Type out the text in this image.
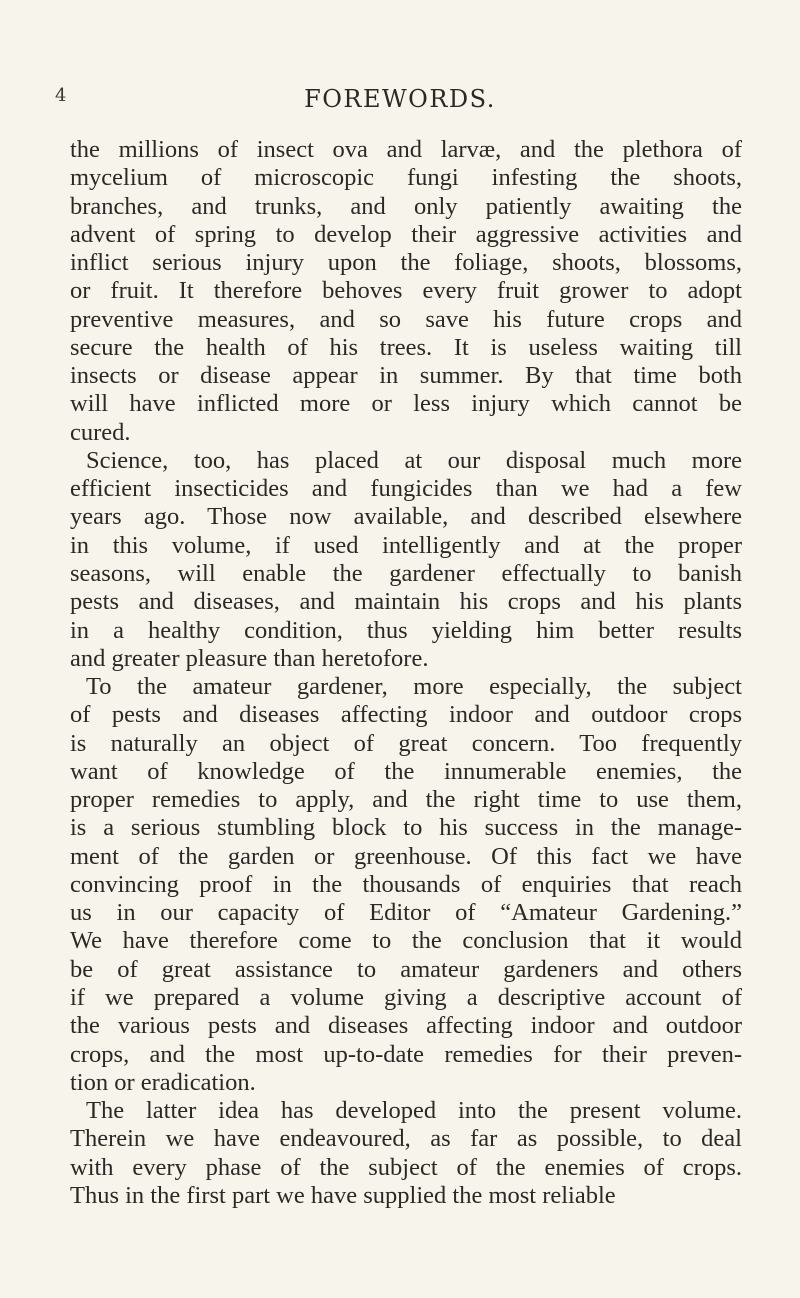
4	FOREWORDS.
the millions of insect ova and larvæ, and the plethora of
mycelium of microscopic fungi infesting the shoots,
branches, and trunks, and only patiently awaiting the
advent of spring to develop their aggressive activities and
inflict serious injury upon the foliage, shoots, blossoms,
or fruit. It therefore behoves every fruit grower to adopt
preventive measures, and so save his future crops and
secure the health of his trees. It is useless waiting till
insects or disease appear in summer. By that time both
will have inflicted more or less injury which cannot be
cured.
Science, too, has placed at our disposal much more
efficient insecticides and fungicides than we had a few
years ago. Those now available, and described elsewhere
in this volume, if used intelligently and at the proper
seasons, will enable the gardener effectually to banish
pests and diseases, and maintain his crops and his plants
in a healthy condition, thus yielding him better results
and greater pleasure than heretofore.
To the amateur gardener, more especially, the subject
of pests and diseases affecting indoor and outdoor crops
is naturally an object of great concern. Too frequently
want of knowledge of the innumerable enemies, the
proper remedies to apply, and the right time to use them,
is a serious stumbling block to his success in the manage-
ment of the garden or greenhouse. Of this fact we have
convincing proof in the thousands of enquiries that reach
us in our capacity of Editor of “Amateur Gardening.”
We have therefore come to the conclusion that it would
be of great assistance to amateur gardeners and others
if we prepared a volume giving a descriptive account of
the various pests and diseases affecting indoor and outdoor
crops, and the most up-to-date remedies for their preven-
tion or eradication.
The latter idea has developed into the present volume.
Therein we have endeavoured, as far as possible, to deal
with every phase of the subject of the enemies of crops.
Thus in the first part we have supplied the most reliable
